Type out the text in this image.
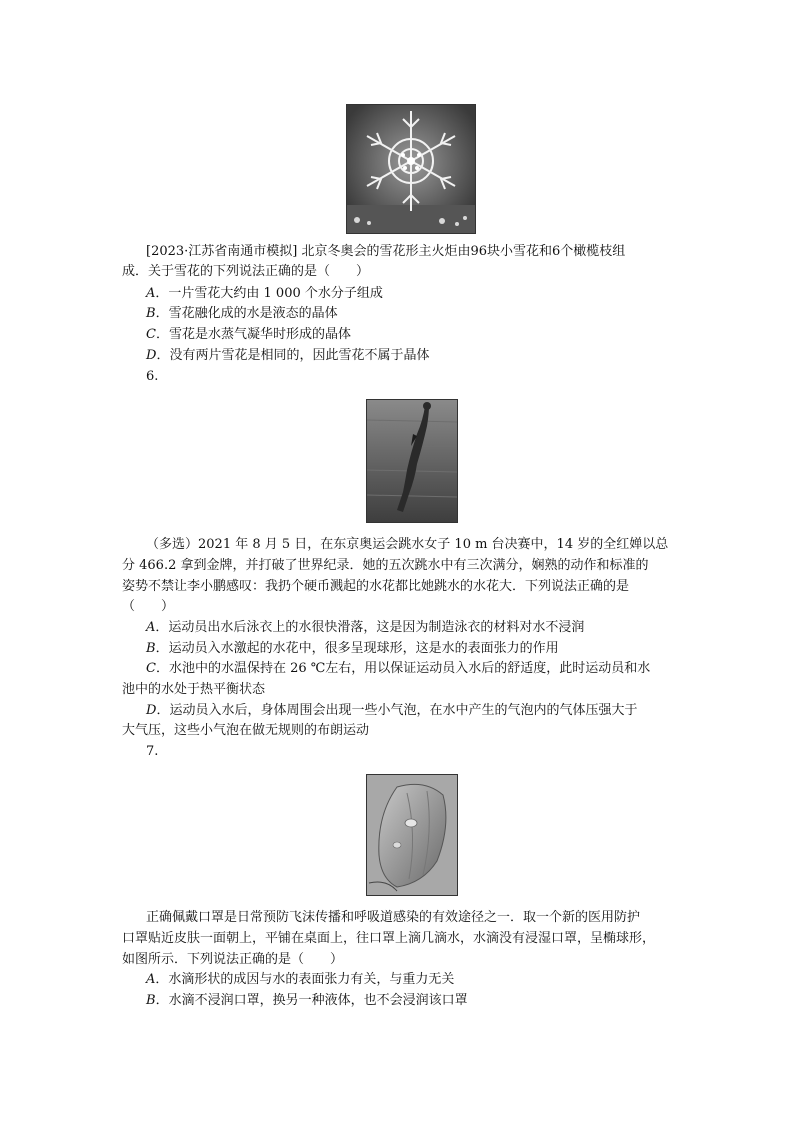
[2023·江苏省南通市模拟] 北京冬奥会的雪花形主火炬由96块小雪花和6个橄榄枝组
成．关于雪花的下列说法正确的是（　　）
A．一片雪花大约由 1 000 个水分子组成
B．雪花融化成的水是液态的晶体
C．雪花是水蒸气凝华时形成的晶体
D．没有两片雪花是相同的，因此雪花不属于晶体
6.
（多选）2021 年 8 月 5 日，在东京奥运会跳水女子 10 m 台决赛中，14 岁的全红婵以总
分 466.2 拿到金牌，并打破了世界纪录．她的五次跳水中有三次满分，娴熟的动作和标准的
姿势不禁让李小鹏感叹：我扔个硬币溅起的水花都比她跳水的水花大．下列说法正确的是
（　　）
A．运动员出水后泳衣上的水很快滑落，这是因为制造泳衣的材料对水不浸润
B．运动员入水激起的水花中，很多呈现球形，这是水的表面张力的作用
C．水池中的水温保持在 26 ℃左右，用以保证运动员入水后的舒适度，此时运动员和水
池中的水处于热平衡状态
D．运动员入水后，身体周围会出现一些小气泡，在水中产生的气泡内的气体压强大于
大气压，这些小气泡在做无规则的布朗运动
7.
正确佩戴口罩是日常预防飞沫传播和呼吸道感染的有效途径之一．取一个新的医用防护
口罩贴近皮肤一面朝上，平铺在桌面上，往口罩上滴几滴水，水滴没有浸湿口罩，呈椭球形，
如图所示．下列说法正确的是（　　）
A．水滴形状的成因与水的表面张力有关，与重力无关
B．水滴不浸润口罩，换另一种液体，也不会浸润该口罩
